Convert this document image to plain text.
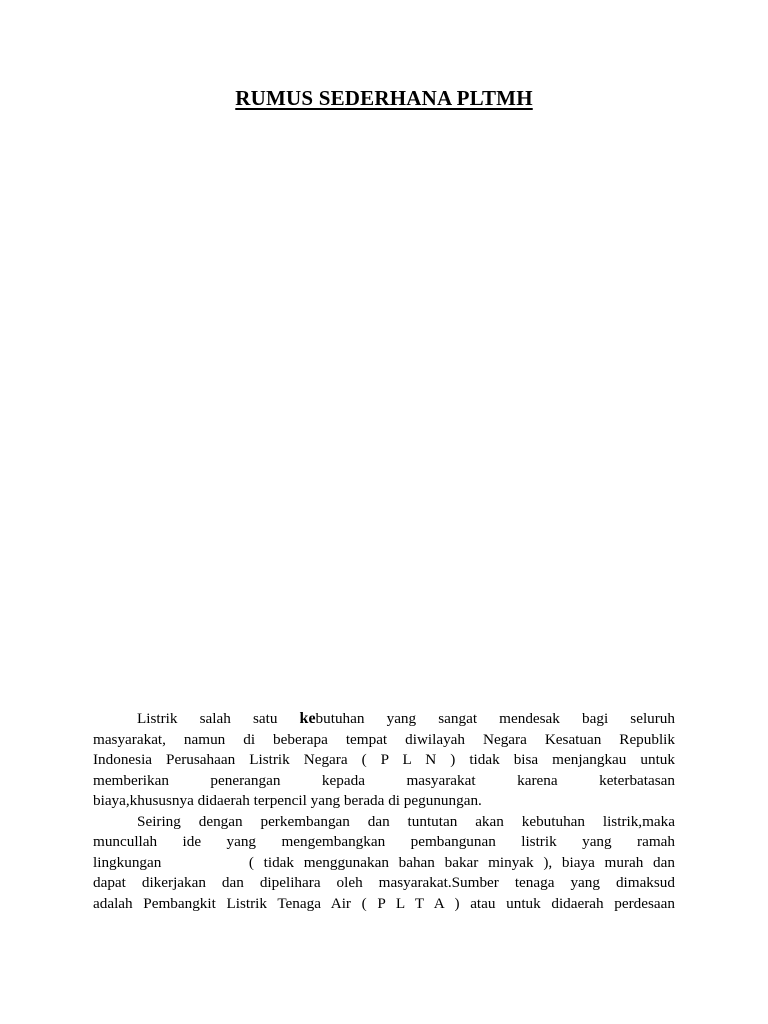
RUMUS SEDERHANA PLTMH
Listrik salah satu kebutuhan yang sangat mendesak bagi seluruh
masyarakat, namun di beberapa tempat diwilayah Negara Kesatuan Republik
Indonesia Perusahaan Listrik Negara ( P L N ) tidak bisa menjangkau untuk
memberikan penerangan kepada masyarakat karena keterbatasan
biaya,khususnya didaerah terpencil yang berada di pegunungan.
Seiring dengan perkembangan dan tuntutan akan kebutuhan listrik,maka
muncullah ide yang mengembangkan pembangunan listrik yang ramah
lingkungan         ( tidak menggunakan bahan bakar minyak ), biaya murah dan
dapat dikerjakan dan dipelihara oleh masyarakat.Sumber tenaga yang dimaksud
adalah Pembangkit Listrik Tenaga Air ( P L T A ) atau untuk didaerah perdesaan
